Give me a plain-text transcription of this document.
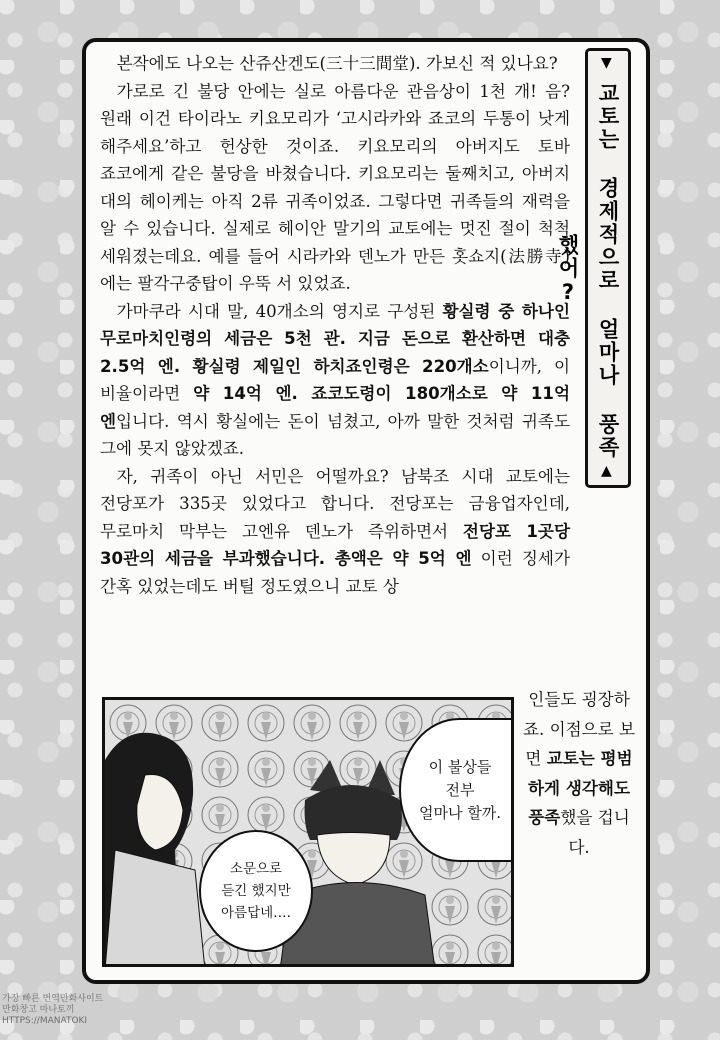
본작에도 나오는 산쥬산겐도(三十三間堂). 가보신 적 있나요?

가로로 긴 불당 안에는 실로 아름다운 관음상이 1천 개! 음? 원래 이건 타이라노 키요모리가 ‘고시라카와 죠코의 두통이 낫게 해주세요’하고 헌상한 것이죠. 키요모리의 아버지도 토바 죠코에게 같은 불당을 바쳤습니다. 키요모리는 둘째치고, 아버지 대의 헤이케는 아직 2류 귀족이었죠. 그렇다면 귀족들의 재력을 알 수 있습니다. 실제로 헤이안 말기의 교토에는 멋진 절이 척척 세워졌는데요. 예를 들어 시라카와 덴노가 만든 홋쇼지(法勝寺)에는 팔각구중탑이 우뚝 서 있었죠.

가마쿠라 시대 말, 40개소의 영지로 구성된 황실령 중 하나인 무로마치인령의 세금은 5천 관. 지금 돈으로 환산하면 대충 2.5억 엔. 황실령 제일인 하치죠인령은 220개소이니까, 이 비율이라면 약 14억 엔. 죠코도령이 180개소로 약 11억 엔입니다. 역시 황실에는 돈이 넘쳤고, 아까 말한 것처럼 귀족도 그에 못지 않았겠죠.

자, 귀족이 아닌 서민은 어떨까요? 남북조 시대 교토에는 전당포가 335곳 있었다고 합니다. 전당포는 금융업자인데, 무로마치 막부는 고엔유 덴노가 즉위하면서 전당포 1곳당 30관의 세금을 부과했습니다. 총액은 약 5억 엔 이런 징세가 간혹 있었는데도 버틸 정도였으니 교토 상

▼
교토는 경제적으로 얼마나 풍족했어?
▲
인들도 굉장하죠. 이점으로 보면 교토는 평범하게 생각해도 풍족했을 겁니다.
이 불상들
전부
얼마나 할까.
소문으로
듣긴 했지만
아름답네….
가장 빠른 번역만화사이트
만화창고 마나토끼
HTTPS://MANATOKI
